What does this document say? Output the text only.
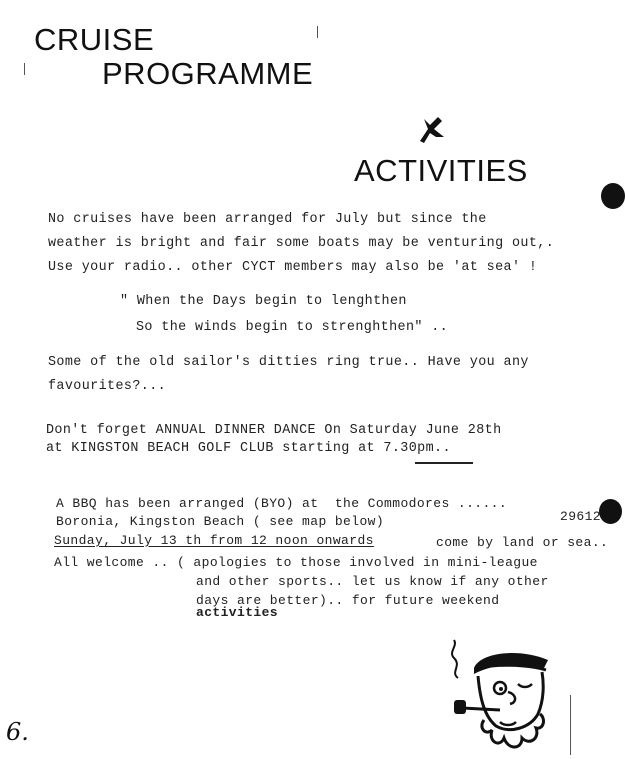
CRUISE
PROGRAMME
ACTIVITIES
No cruises have been arranged for July but since the
weather is bright and fair some boats may be venturing out,.
Use your radio.. other CYCT members may also be 'at sea' !
" When the Days begin to lenghthen
So the winds begin to strenghthen" ..
Some of the old sailor's ditties ring true.. Have you any
favourites?...
Don't forget ANNUAL DINNER DANCE On Saturday June 28th
at KINGSTON BEACH GOLF CLUB starting at 7.30pm..
A BBQ has been arranged (BYO) at  the Commodores ......
29612
Boronia, Kingston Beach ( see map below)
Sunday, July 13 th from 12 noon onwards	come by land or sea..
All welcome .. ( apologies to those involved in mini-league
and other sports.. let us know if any other
days are better).. for future weekend
activities
6.
